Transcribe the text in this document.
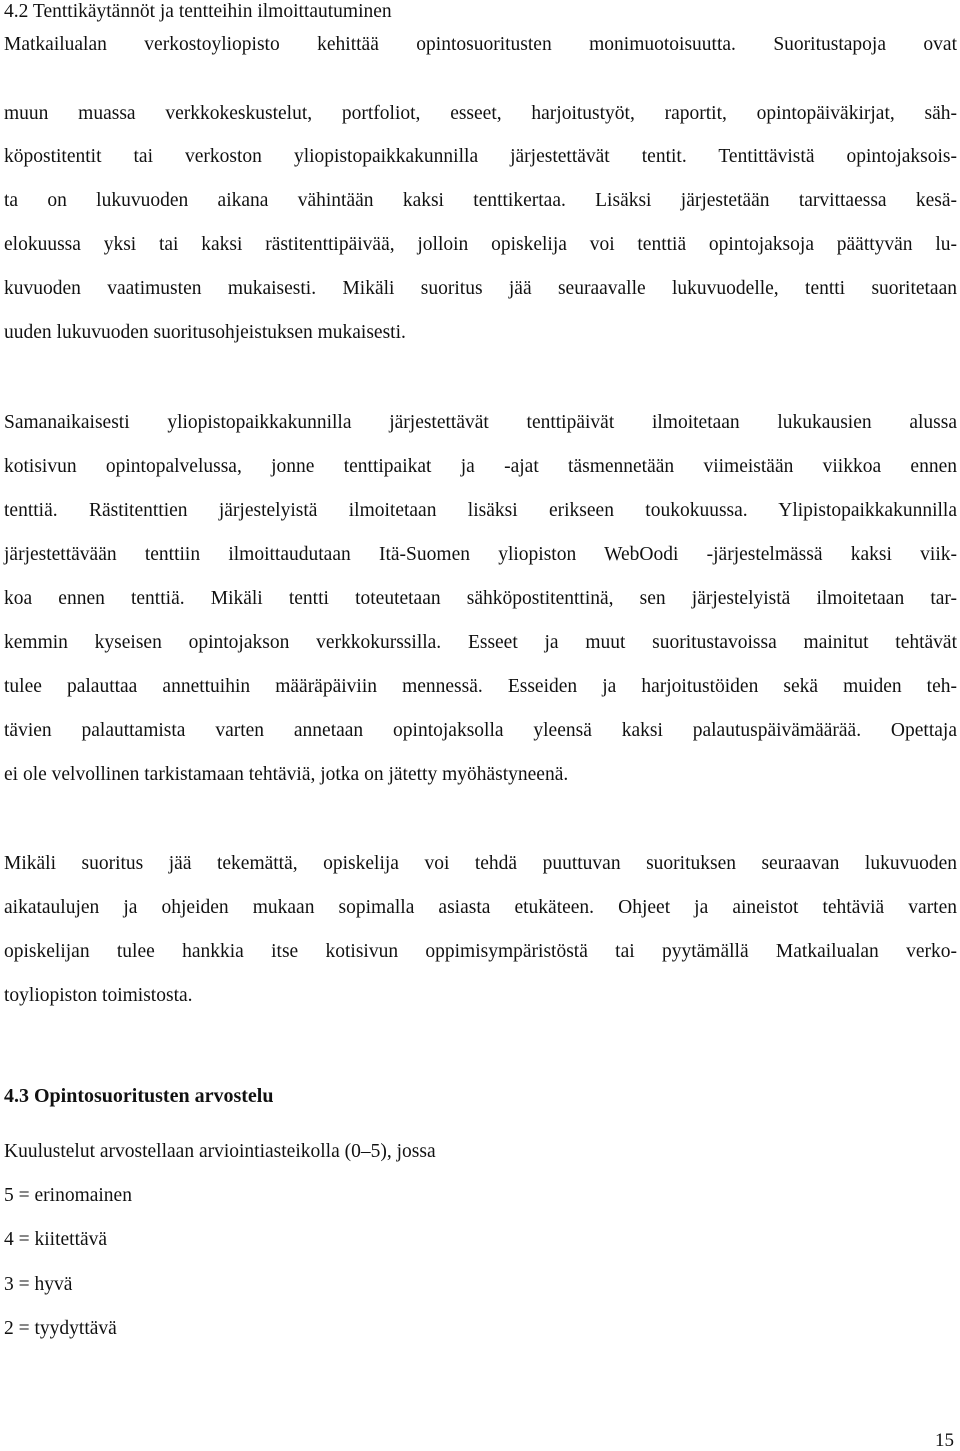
4.2 Tenttikäytännöt ja tentteihin ilmoittautuminen
Matkailualan verkostoyliopisto kehittää opintosuoritusten monimuotoisuutta. Suoritustapoja ovat
muun muassa verkkokeskustelut, portfoliot, esseet, harjoitustyöt, raportit, opintopäiväkirjat, säh-
köpostitentit tai verkoston yliopistopaikkakunnilla järjestettävät tentit. Tentittävistä opintojaksois-
ta on lukuvuoden aikana vähintään kaksi tenttikertaa. Lisäksi järjestetään tarvittaessa kesä-
elokuussa yksi tai kaksi rästitenttipäivää, jolloin opiskelija voi tenttiä opintojaksoja päättyvän lu-
kuvuoden vaatimusten mukaisesti. Mikäli suoritus jää seuraavalle lukuvuodelle, tentti suoritetaan
uuden lukuvuoden suoritusohjeistuksen mukaisesti.
Samanaikaisesti yliopistopaikkakunnilla järjestettävät tenttipäivät ilmoitetaan lukukausien alussa
kotisivun opintopalvelussa, jonne tenttipaikat ja -ajat täsmennetään viimeistään viikkoa ennen
tenttiä. Rästitenttien järjestelyistä ilmoitetaan lisäksi erikseen toukokuussa. Ylipistopaikkakunnilla
järjestettävään tenttiin ilmoittaudutaan Itä-Suomen yliopiston WebOodi -järjestelmässä kaksi viik-
koa ennen tenttiä. Mikäli tentti toteutetaan sähköpostitenttinä, sen järjestelyistä ilmoitetaan tar-
kemmin kyseisen opintojakson verkkokurssilla. Esseet ja muut suoritustavoissa mainitut tehtävät
tulee palauttaa annettuihin määräpäiviin mennessä. Esseiden ja harjoitustöiden sekä muiden teh-
tävien palauttamista varten annetaan opintojaksolla yleensä kaksi palautuspäivämäärää. Opettaja
ei ole velvollinen tarkistamaan tehtäviä, jotka on jätetty myöhästyneenä.
Mikäli suoritus jää tekemättä, opiskelija voi tehdä puuttuvan suorituksen seuraavan lukuvuoden
aikataulujen ja ohjeiden mukaan sopimalla asiasta etukäteen. Ohjeet ja aineistot tehtäviä varten
opiskelijan tulee hankkia itse kotisivun oppimisympäristöstä tai pyytämällä Matkailualan verko-
toyliopiston toimistosta.
4.3 Opintosuoritusten arvostelu
Kuulustelut arvostellaan arviointiasteikolla (0–5), jossa
5 = erinomainen
4 = kiitettävä
3 = hyvä
2 = tyydyttävä
15
